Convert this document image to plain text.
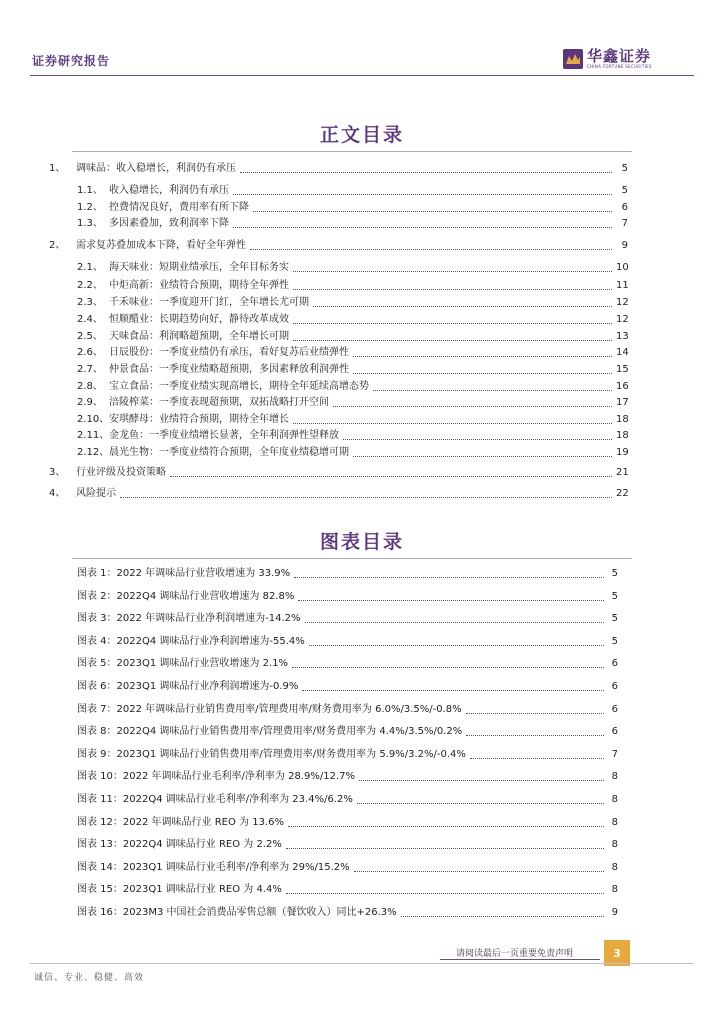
证券研究报告	华鑫证券
CHINA FORTUNE SECURITIES
正文目录
1、	调味品：收入稳增长，利润仍有承压	5
1.1、 收入稳增长，利润仍有承压	5
1.2、 控费情况良好，费用率有所下降	6
1.3、 多因素叠加，致利润率下降	7
2、	需求复苏叠加成本下降，看好全年弹性	9
2.1、 海天味业：短期业绩承压，全年目标务实	10
2.2、 中炬高新：业绩符合预期，期待全年弹性	11
2.3、 千禾味业：一季度迎开门红，全年增长尤可期	12
2.4、 恒顺醋业：长期趋势向好，静待改革成效	12
2.5、 天味食品：利润略超预期，全年增长可期	13
2.6、 日辰股份：一季度业绩仍有承压，看好复苏后业绩弹性	14
2.7、 仲景食品：一季度业绩略超预期，多因素释放利润弹性	15
2.8、 宝立食品：一季度业绩实现高增长，期待全年延续高增态势	16
2.9、 涪陵榨菜：一季度表现超预期，双拓战略打开空间	17
2.10、 安琪酵母：业绩符合预期，期待全年增长	18
2.11、 金龙鱼：一季度业绩增长显著，全年利润弹性望释放	18
2.12、 晨光生物：一季度业绩符合预期，全年度业绩稳增可期	19
3、	行业评级及投资策略	21
4、	风险提示	22
图表目录
图表 1：2022 年调味品行业营收增速为 33.9%	5
图表 2：2022Q4 调味品行业营收增速为 82.8%	5
图表 3：2022 年调味品行业净利润增速为-14.2%	5
图表 4：2022Q4 调味品行业净利润增速为-55.4%	5
图表 5：2023Q1 调味品行业营收增速为 2.1%	6
图表 6：2023Q1 调味品行业净利润增速为-0.9%	6
图表 7：2022 年调味品行业销售费用率/管理费用率/财务费用率为 6.0%/3.5%/-0.8%	6
图表 8：2022Q4 调味品行业销售费用率/管理费用率/财务费用率为 4.4%/3.5%/0.2%	6
图表 9：2023Q1 调味品行业销售费用率/管理费用率/财务费用率为 5.9%/3.2%/-0.4%	7
图表 10：2022 年调味品行业毛利率/净利率为 28.9%/12.7%	8
图表 11：2022Q4 调味品行业毛利率/净利率为 23.4%/6.2%	8
图表 12：2022 年调味品行业 REO 为 13.6%	8
图表 13：2022Q4 调味品行业 REO 为 2.2%	8
图表 14：2023Q1 调味品行业毛利率/净利率为 29%/15.2%	8
图表 15：2023Q1 调味品行业 REO 为 4.4%	8
图表 16：2023M3 中国社会消费品零售总额（餐饮收入）同比+26.3%	9
请阅读最后一页重要免责声明	3
诚信、专业、稳健、高效
